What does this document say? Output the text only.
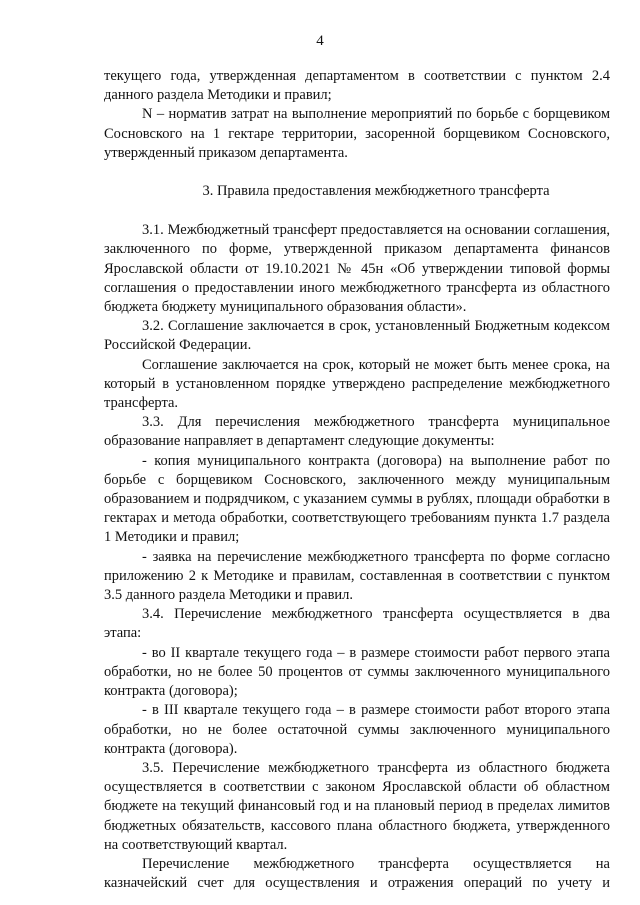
4

текущего года, утвержденная департаментом в соответствии с пунктом 2.4 данного раздела Методики и правил;

N – норматив затрат на выполнение мероприятий по борьбе с борщевиком Сосновского на 1 гектаре территории, засоренной борщевиком Сосновского, утвержденный приказом департамента.

3. Правила предоставления межбюджетного трансферта

3.1. Межбюджетный трансферт предоставляется на основании соглашения, заключенного по форме, утвержденной приказом департамента финансов Ярославской области от 19.10.2021 № 45н «Об утверждении типовой формы соглашения о предоставлении иного межбюджетного трансферта из областного бюджета бюджету муниципального образования области».

3.2. Соглашение заключается в срок, установленный Бюджетным кодексом Российской Федерации.

Соглашение заключается на срок, который не может быть менее срока, на который в установленном порядке утверждено распределение межбюджетного трансферта.

3.3. Для перечисления межбюджетного трансферта муниципальное образование направляет в департамент следующие документы:

- копия муниципального контракта (договора) на выполнение работ по борьбе с борщевиком Сосновского, заключенного между муниципальным образованием и подрядчиком, с указанием суммы в рублях, площади обработки в гектарах и метода обработки, соответствующего требованиям пункта 1.7 раздела 1 Методики и правил;

- заявка на перечисление межбюджетного трансферта по форме согласно приложению 2 к Методике и правилам, составленная в соответствии с пунктом 3.5 данного раздела Методики и правил.

3.4. Перечисление межбюджетного трансферта осуществляется в два этапа:

- во II квартале текущего года – в размере стоимости работ первого этапа обработки, но не более 50 процентов от суммы заключенного муниципального контракта (договора);

- в III квартале текущего года – в размере стоимости работ второго этапа обработки, но не более остаточной суммы заключенного муниципального контракта (договора).

3.5. Перечисление межбюджетного трансферта из областного бюджета осуществляется в соответствии с законом Ярославской области об областном бюджете на текущий финансовый год и на плановый период в пределах лимитов бюджетных обязательств, кассового плана областного бюджета, утвержденного на соответствующий квартал.

Перечисление межбюджетного трансферта осуществляется на казначейский счет для осуществления и отражения операций по учету и
